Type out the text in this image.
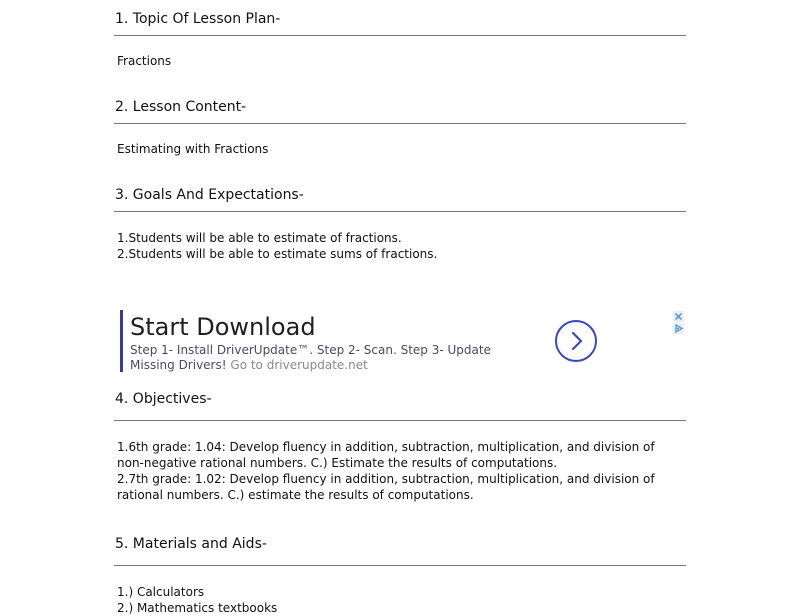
1. Topic Of Lesson Plan-

Fractions

2. Lesson Content-

Estimating with Fractions

3. Goals And Expectations-

1.Students will be able to estimate of fractions.

2.Students will be able to estimate sums of fractions.

4. Objectives-

1.6th grade: 1.04: Develop fluency in addition, subtraction, multiplication, and division of

non-negative rational numbers. C.) Estimate the results of computations.

2.7th grade: 1.02: Develop fluency in addition, subtraction, multiplication, and division of

rational numbers. C.) estimate the results of computations.

5. Materials and Aids-

1.) Calculators

2.) Mathematics textbooks

Start Download
Step 1- Install DriverUpdate™. Step 2- Scan. Step 3- Update
Missing Drivers! Go to driverupdate.net
